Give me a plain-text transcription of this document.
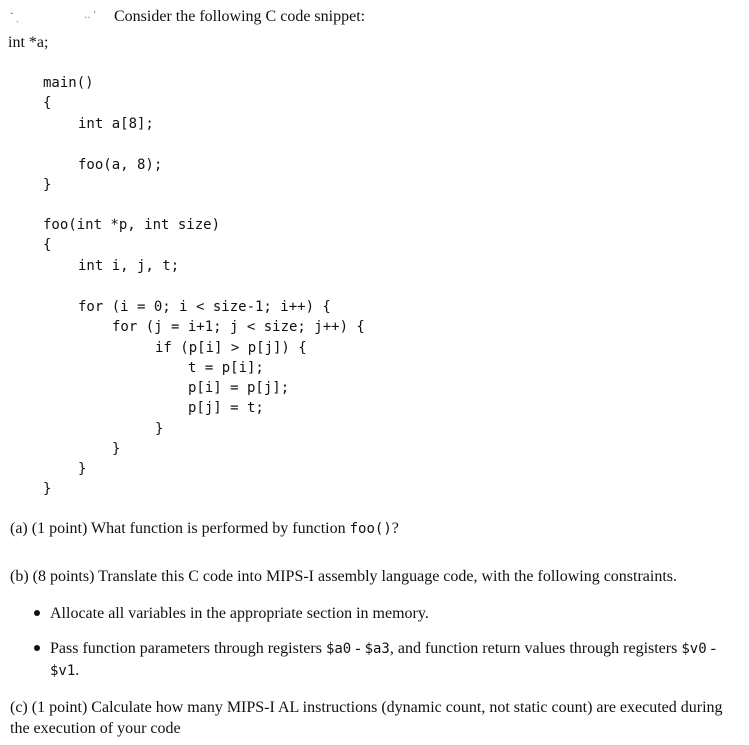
ˇ ˎ	‥ ʽ Consider the following C code snippet:
int *a;
main()
{
int a[8];
foo(a, 8);
}
foo(int *p, int size)
{
int i, j, t;
for (i = 0; i < size-1; i++) {
for (j = i+1; j < size; j++) {
if (p[i] > p[j]) {
t = p[i];
p[i] = p[j];
p[j] = t;
}
}
}
}
(a) (1 point) What function is performed by function foo()?
(b) (8 points) Translate this C code into MIPS-I assembly language code, with the following constraints.
Allocate all variables in the appropriate section in memory.
Pass function parameters through registers $a0 - $a3, and function return values through registers $v0 - $v1.
(c) (1 point) Calculate how many MIPS-I AL instructions (dynamic count, not static count) are executed during the execution of your code
